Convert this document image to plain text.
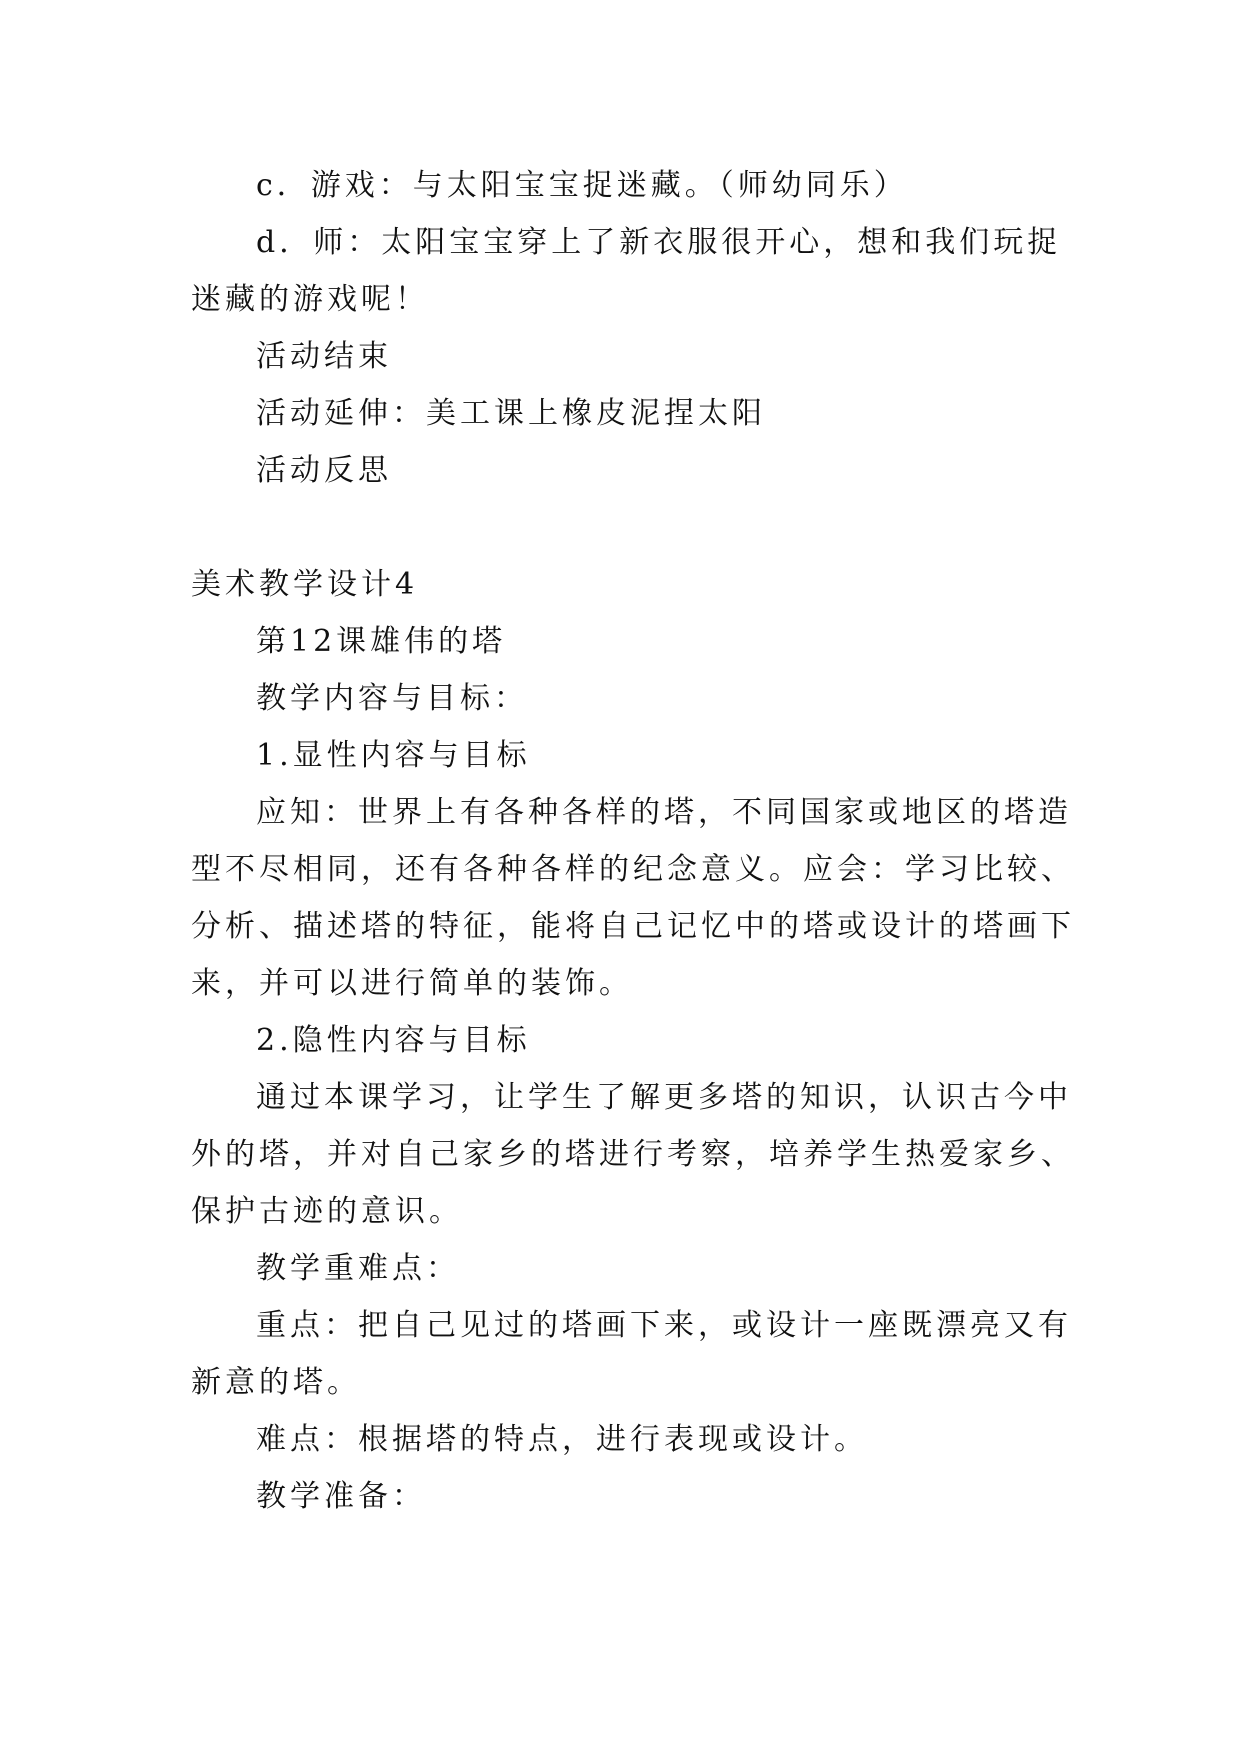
c．游戏：与太阳宝宝捉迷藏。（师幼同乐）
d．师：太阳宝宝穿上了新衣服很开心，想和我们玩捉
迷藏的游戏呢！
活动结束
活动延伸：美工课上橡皮泥捏太阳
活动反思
美术教学设计4
第12课雄伟的塔
教学内容与目标：
1.显性内容与目标
应知：世界上有各种各样的塔，不同国家或地区的塔造
型不尽相同，还有各种各样的纪念意义。应会：学习比较、
分析、描述塔的特征，能将自己记忆中的塔或设计的塔画下
来，并可以进行简单的装饰。
2.隐性内容与目标
通过本课学习，让学生了解更多塔的知识，认识古今中
外的塔，并对自己家乡的塔进行考察，培养学生热爱家乡、
保护古迹的意识。
教学重难点：
重点：把自己见过的塔画下来，或设计一座既漂亮又有
新意的塔。
难点：根据塔的特点，进行表现或设计。
教学准备：
